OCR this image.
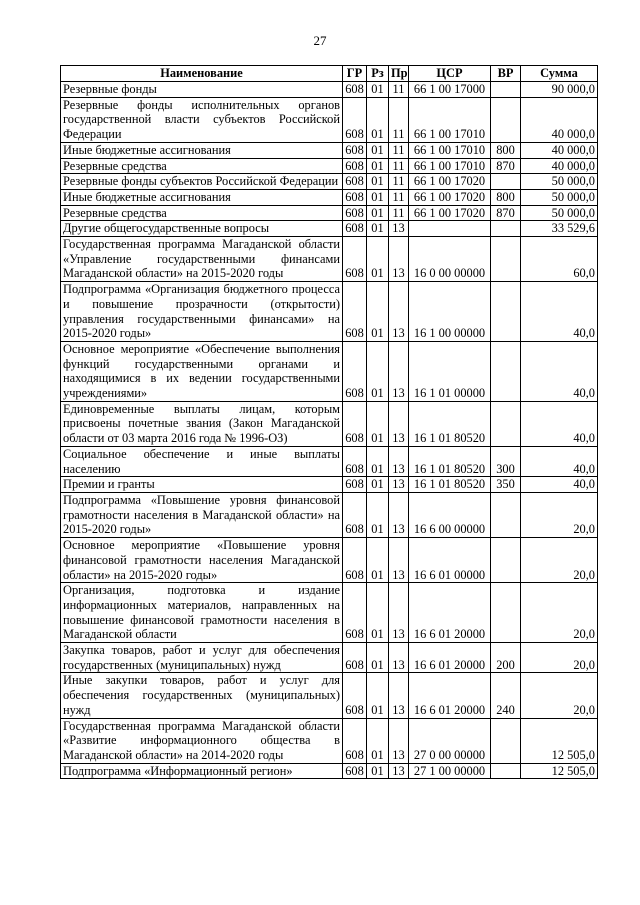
27
Наименование	ГР	Рз	Пр	ЦСР	ВР	Сумма
Резервные фонды	608	01	11	66 1 00 17000		90 000,0
Резервные фонды исполнительных органов государственной власти субъектов Российской Федерации	608	01	11	66 1 00 17010		40 000,0
Иные бюджетные ассигнования	608	01	11	66 1 00 17010	800	40 000,0
Резервные средства	608	01	11	66 1 00 17010	870	40 000,0
Резервные фонды субъектов Российской Федерации	608	01	11	66 1 00 17020		50 000,0
Иные бюджетные ассигнования	608	01	11	66 1 00 17020	800	50 000,0
Резервные средства	608	01	11	66 1 00 17020	870	50 000,0
Другие общегосударственные вопросы	608	01	13			33 529,6
Государственная программа Магаданской области «Управление государственными финансами Магаданской области» на 2015-2020 годы	608	01	13	16 0 00 00000		60,0
Подпрограмма «Организация бюджетного процесса и повышение прозрачности (открытости) управления государственными финансами» на 2015-2020 годы»	608	01	13	16 1 00 00000		40,0
Основное мероприятие «Обеспечение выполнения функций государственными органами и находящимися в их ведении государственными учреждениями»	608	01	13	16 1 01 00000		40,0
Единовременные выплаты лицам, которым присвоены почетные звания (Закон Магаданской области от 03 марта 2016 года № 1996-ОЗ)	608	01	13	16 1 01 80520		40,0
Социальное обеспечение и иные выплаты населению	608	01	13	16 1 01 80520	300	40,0
Премии и гранты	608	01	13	16 1 01 80520	350	40,0
Подпрограмма «Повышение уровня финансовой грамотности населения в Магаданской области» на 2015-2020 годы»	608	01	13	16 6 00 00000		20,0
Основное мероприятие «Повышение уровня финансовой грамотности населения Магаданской области» на 2015-2020 годы»	608	01	13	16 6 01 00000		20,0
Организация, подготовка и издание информационных материалов, направленных на повышение финансовой грамотности населения в Магаданской области	608	01	13	16 6 01 20000		20,0
Закупка товаров, работ и услуг для обеспечения государственных (муниципальных) нужд	608	01	13	16 6 01 20000	200	20,0
Иные закупки товаров, работ и услуг для обеспечения государственных (муниципальных) нужд	608	01	13	16 6 01 20000	240	20,0
Государственная программа Магаданской области «Развитие информационного общества в Магаданской области» на 2014-2020 годы	608	01	13	27 0 00 00000		12 505,0
Подпрограмма «Информационный регион»	608	01	13	27 1 00 00000		12 505,0
